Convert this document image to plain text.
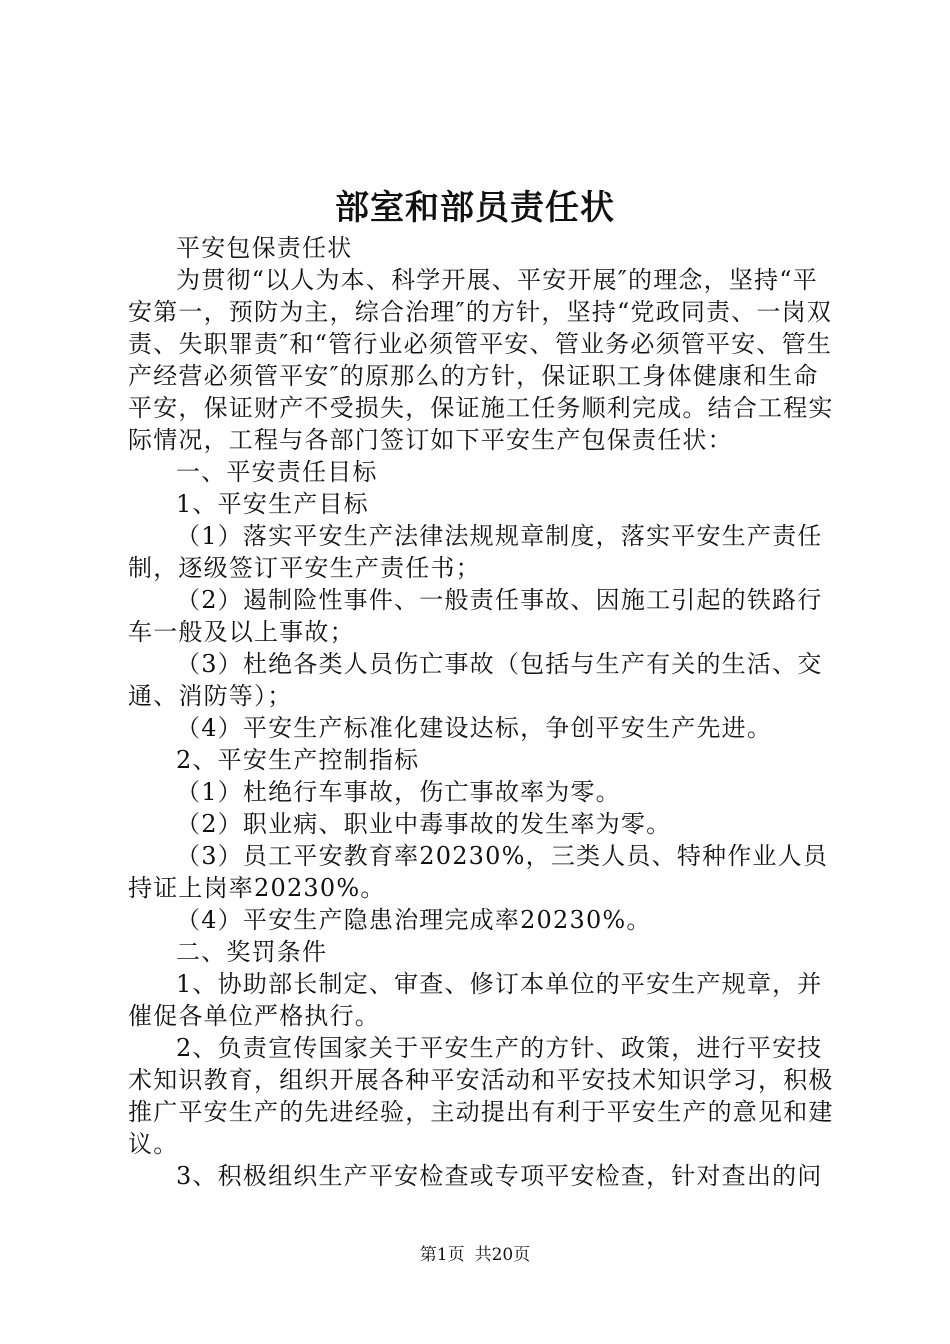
部室和部员责任状

平安包保责任状

为贯彻“以人为本、科学开展、平安开展″的理念，坚持“平安第一，预防为主，综合治理″的方针，坚持“党政同责、一岗双责、失职罪责″和“管行业必须管平安、管业务必须管平安、管生产经营必须管平安″的原那么的方针，保证职工身体健康和生命平安，保证财产不受损失，保证施工任务顺利完成。结合工程实际情况，工程与各部门签订如下平安生产包保责任状：

一、平安责任目标

1、平安生产目标

（1）落实平安生产法律法规规章制度，落实平安生产责任制，逐级签订平安生产责任书；

（2）遏制险性事件、一般责任事故、因施工引起的铁路行车一般及以上事故；

（3）杜绝各类人员伤亡事故（包括与生产有关的生活、交通、消防等）；

（4）平安生产标准化建设达标，争创平安生产先进。

2、平安生产控制指标

（1）杜绝行车事故，伤亡事故率为零。

（2）职业病、职业中毒事故的发生率为零。

（3）员工平安教育率20230%，三类人员、特种作业人员持证上岗率20230%。

（4）平安生产隐患治理完成率20230%。

二、奖罚条件

1、协助部长制定、审查、修订本单位的平安生产规章，并催促各单位严格执行。

2、负责宣传国家关于平安生产的方针、政策，进行平安技术知识教育，组织开展各种平安活动和平安技术知识学习，积极推广平安生产的先进经验，主动提出有利于平安生产的意见和建议。

3、积极组织生产平安检查或专项平安检查，针对查出的问

第1页 共20页
